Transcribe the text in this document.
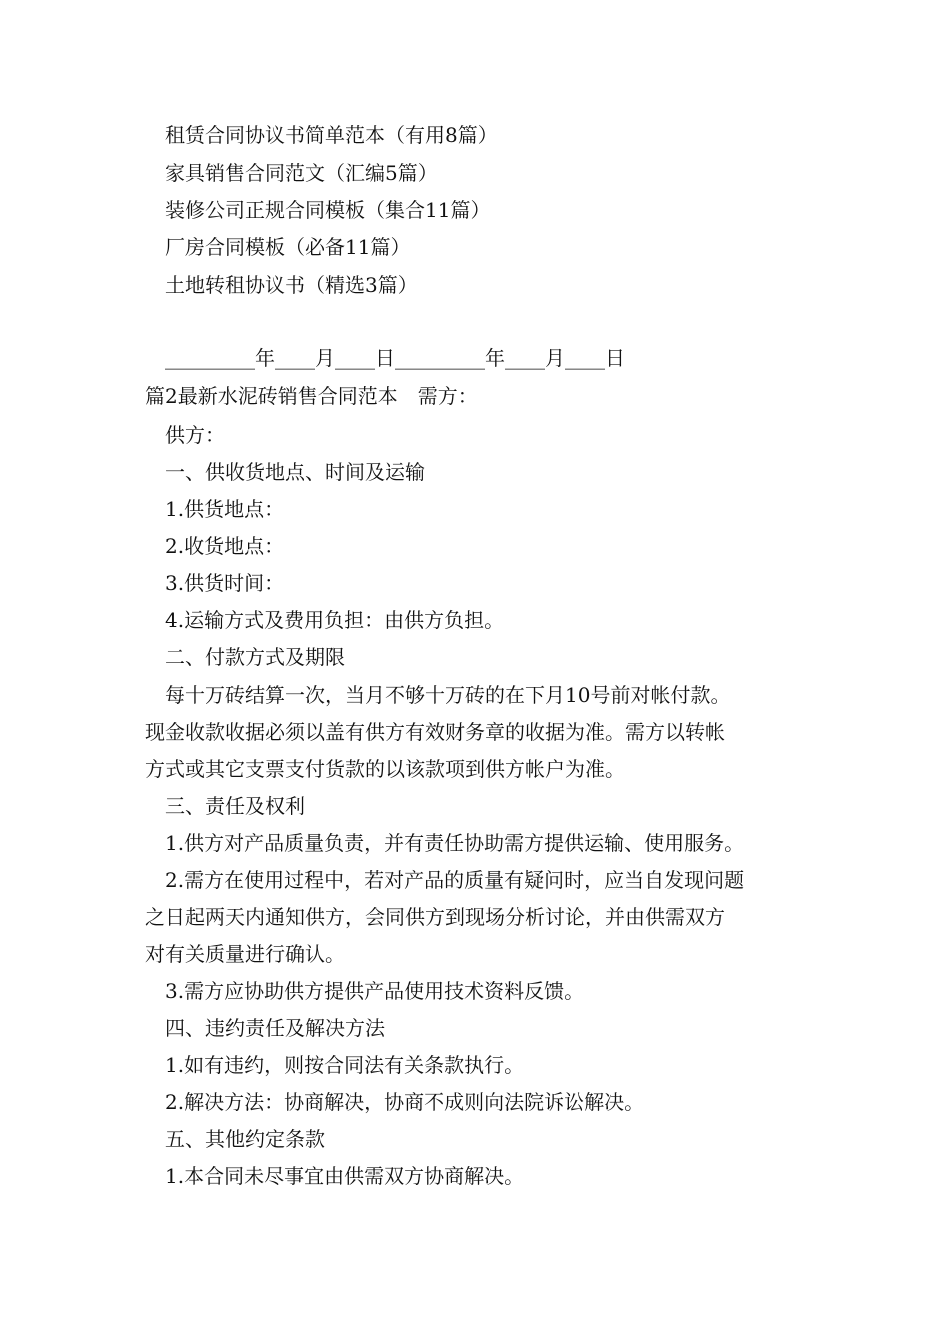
租赁合同协议书简单范本（有用8篇）
家具销售合同范文（汇编5篇）
装修公司正规合同模板（集合11篇）
厂房合同模板（必备11篇）
土地转租协议书（精选3篇）
_________年____月____日_________年____月____日
篇2最新水泥砖销售合同范本　需方：
供方：
一、供收货地点、时间及运输
1.供货地点：
2.收货地点：
3.供货时间：
4.运输方式及费用负担：由供方负担。
二、付款方式及期限
每十万砖结算一次，当月不够十万砖的在下月10号前对帐付款。
现金收款收据必须以盖有供方有效财务章的收据为准。需方以转帐
方式或其它支票支付货款的以该款项到供方帐户为准。
三、责任及权利
1.供方对产品质量负责，并有责任协助需方提供运输、使用服务。
2.需方在使用过程中，若对产品的质量有疑问时，应当自发现问题
之日起两天内通知供方，会同供方到现场分析讨论，并由供需双方
对有关质量进行确认。
3.需方应协助供方提供产品使用技术资料反馈。
四、违约责任及解决方法
1.如有违约，则按合同法有关条款执行。
2.解决方法：协商解决，协商不成则向法院诉讼解决。
五、其他约定条款
1.本合同未尽事宜由供需双方协商解决。
